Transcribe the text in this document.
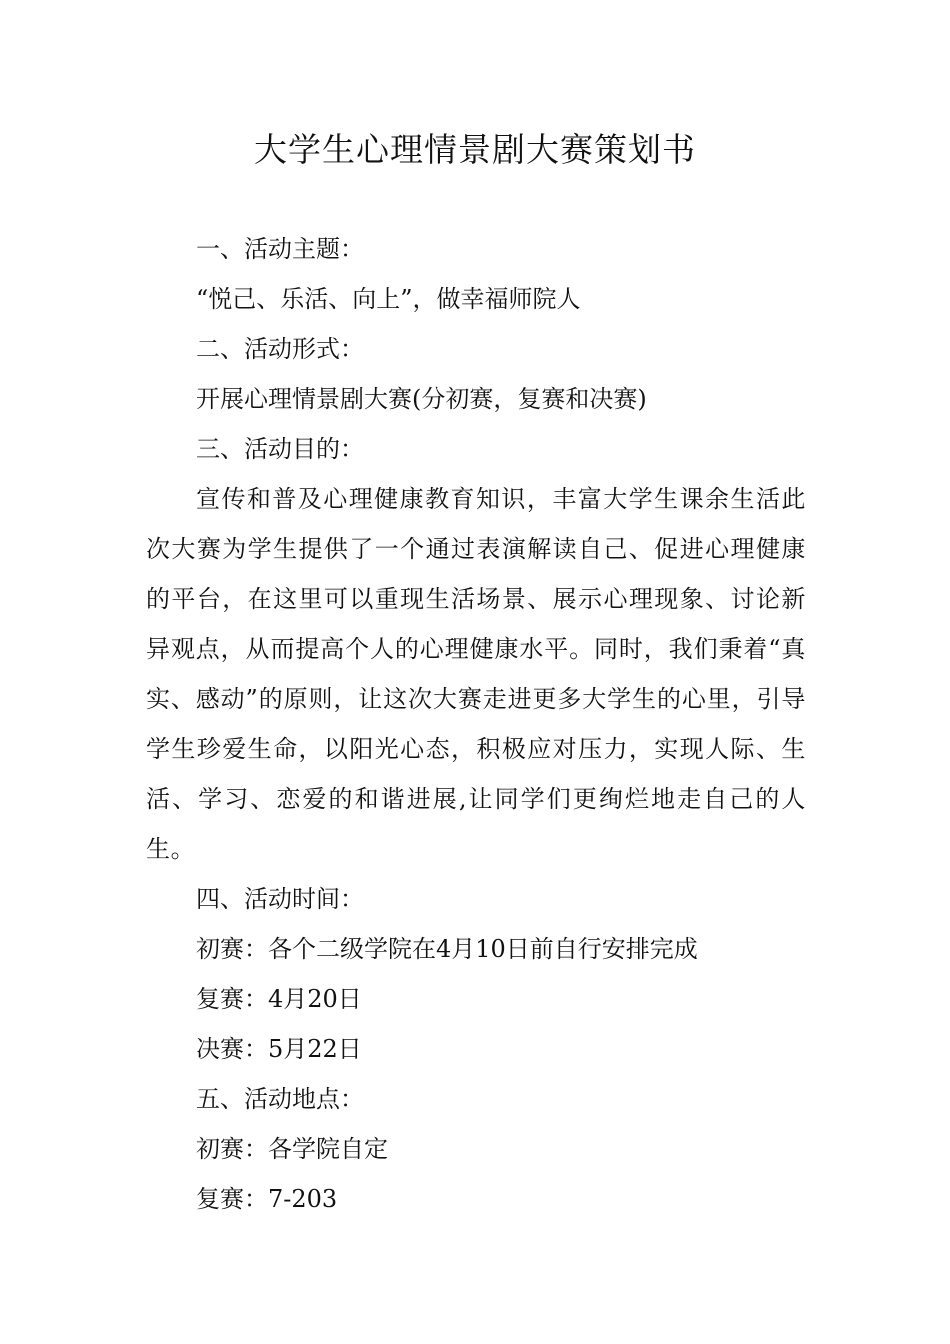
大学生心理情景剧大赛策划书

一、活动主题：

“悦己、乐活、向上”，做幸福师院人

二、活动形式：

开展心理情景剧大赛(分初赛，复赛和决赛)

三、活动目的：

宣传和普及心理健康教育知识，丰富大学生课余生活此次大赛为学生提供了一个通过表演解读自己、促进心理健康的平台，在这里可以重现生活场景、展示心理现象、讨论新异观点，从而提高个人的心理健康水平。同时，我们秉着“真实、感动”的原则，让这次大赛走进更多大学生的心里，引导学生珍爱生命，以阳光心态，积极应对压力，实现人际、生活、学习、恋爱的和谐进展,让同学们更绚烂地走自己的人生。

四、活动时间：

初赛：各个二级学院在4月10日前自行安排完成

复赛：4月20日

决赛：5月22日

五、活动地点：

初赛：各学院自定

复赛：7-203
